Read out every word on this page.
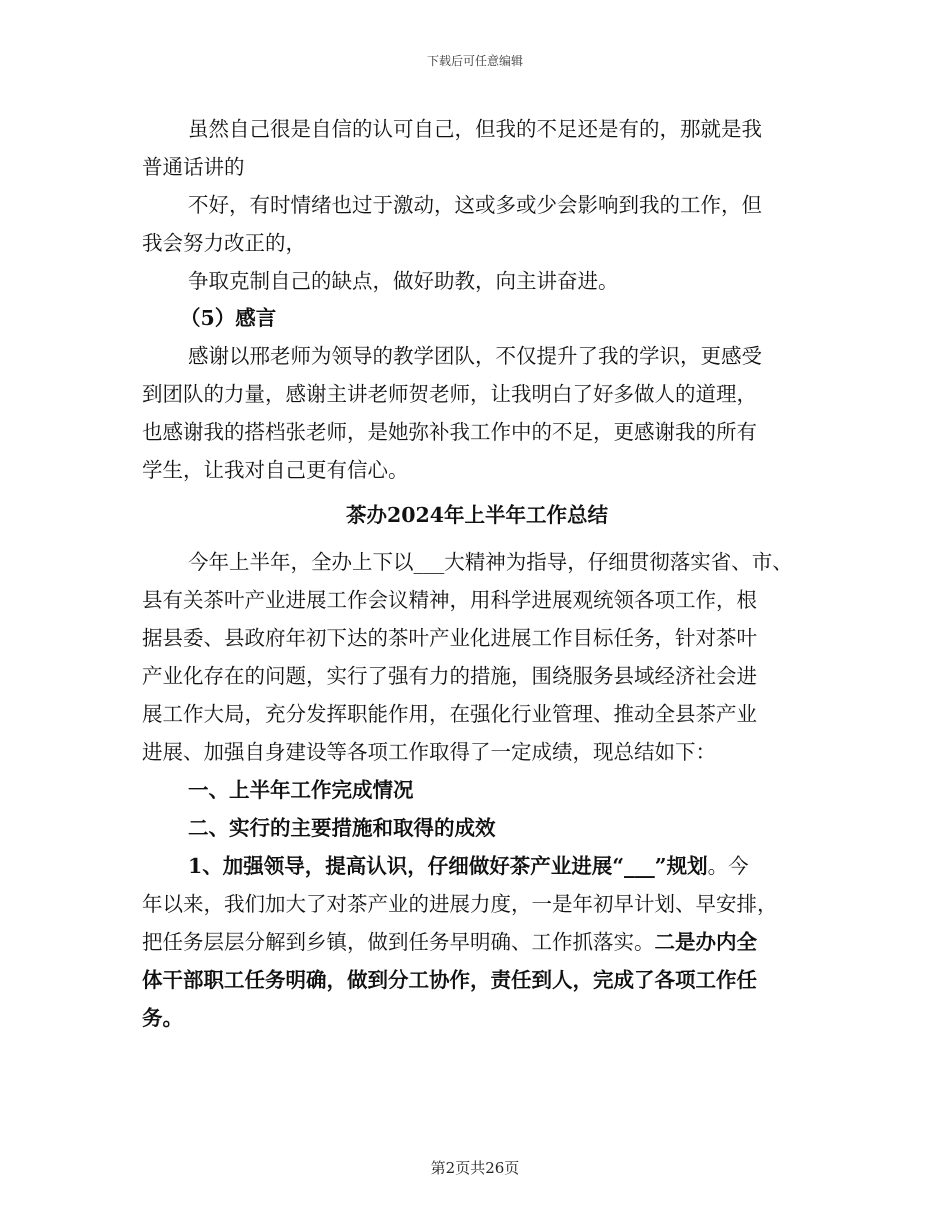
下载后可任意编辑
虽然自己很是自信的认可自己，但我的不足还是有的，那就是我
普通话讲的
不好，有时情绪也过于激动，这或多或少会影响到我的工作，但
我会努力改正的，
争取克制自己的缺点，做好助教，向主讲奋进。
（5）感言
感谢以邢老师为领导的教学团队，不仅提升了我的学识，更感受
到团队的力量，感谢主讲老师贺老师，让我明白了好多做人的道理，
也感谢我的搭档张老师，是她弥补我工作中的不足，更感谢我的所有
学生，让我对自己更有信心。
茶办2024年上半年工作总结
今年上半年，全办上下以___大精神为指导，仔细贯彻落实省、市、
县有关茶叶产业进展工作会议精神，用科学进展观统领各项工作，根
据县委、县政府年初下达的茶叶产业化进展工作目标任务，针对茶叶
产业化存在的问题，实行了强有力的措施，围绕服务县域经济社会进
展工作大局，充分发挥职能作用，在强化行业管理、推动全县茶产业
进展、加强自身建设等各项工作取得了一定成绩，现总结如下：
一、上半年工作完成情况
二、实行的主要措施和取得的成效
1、加强领导，提高认识，仔细做好茶产业进展“___”规划。今
年以来，我们加大了对茶产业的进展力度，一是年初早计划、早安排，
把任务层层分解到乡镇，做到任务早明确、工作抓落实。二是办内全
体干部职工任务明确，做到分工协作，责任到人，完成了各项工作任
务。
第2页共26页
